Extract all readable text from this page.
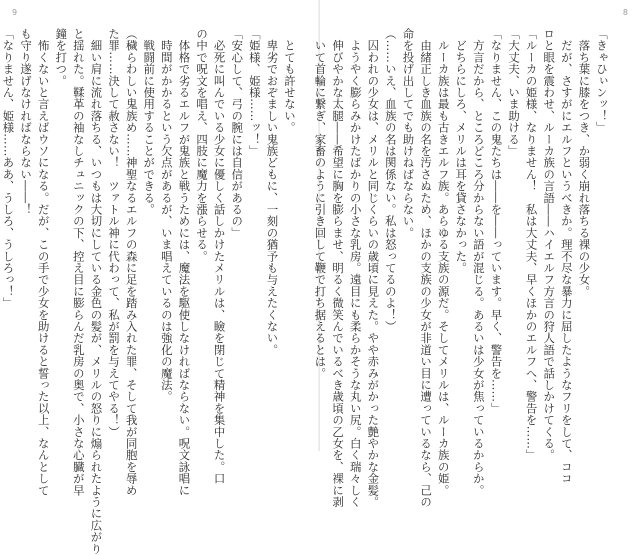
9
　とても許せない。
　卑劣でおぞましい鬼族どもに、一刻の猶予も与えたくない。
「姫様、姫様……ッ！」
「安心して、弓の腕には自信があるの」
　必死に叫んでいる少女に優しく話しかけたメリルは、瞼を閉じて精神を集中した。口
の中で呪文を唱え、四肢に魔力を漲らせる。
　体格で劣るエルフが鬼族と戦うためには、魔法を駆使しなければならない。呪文詠唱に
　時間がかかるという欠点があるが、いま唱えているのは強化の魔法。
　戦闘前に使用することができる。
（穢らわしい鬼族め……神聖なるエルフの森に足を踏み入れた罪、そして我が同胞を辱め
た罪……決して赦さない！　ツァトル神に代わって、私が罰を与えてやる！）
　細い肩に流れ落ちる、いつもは大切にしている金色の髪が、メリルの怒りに煽られたように広がり
と揺れた。鞣革の袖なしチュニックの下、控え目に膨らんだ乳房の奥で、小さな心臓が早
鐘を打つ。
　怖くないと言えばウソになる。だが、この手で少女を助けると誓った以上、なんとして
も守り遂げなければならない――！
「なりません、姫様……ああ、うしろ、うしろっ！」
8
「きゃひぃンッ！」
　落ち葉に膝をつき、か弱く崩れ落ちる裸の少女。
　だが、さすがにエルフというべきか。理不尽な暴力に屈したようなフリをして、ココ
ロと眼を震わせ、ルーカ族の言語――ハイエルフ方言の狩人語で話しかけてくる。
「ルーカの姫様、なりません！　私は大丈夫、早くほかのエルフへ、警告を……」
「大丈夫、いま助ける」
「なりません、この鬼たちは――を――っています。早く、警告を……」
　方言だから、ところどころ分からない語が混じる。あるいは少女が焦っているからか。
　どちらにしろ、メリルは耳を貸さなかった。
　ルーカ族は最も古きエルフ族。あらゆる支族の源だ。そしてメリルは、ルーカ族の姫。
　由緒正しき血族の名を汚さぬため、ほかの支族の少女が非道い目に遭っているなら、己の
命を投げ出してでも助けねばならない。
（……いえ、血族の名は関係ない。私は怒ってるのよ！）
　囚われの少女は、メリルと同じくらいの歳頃に見えた。やや赤みがかった艶やかな金髪。
　ようやく膨らみかけたばかりの小さな乳房。遠目にも柔らかそうな丸い尻。白く瑞々しく
　伸びやかな太腿――希望に胸を膨らませ、明るく微笑んでいるべき歳頃の乙女を、裸に剥
　いて首輪に繋ぎ、家畜のように引き回して鞭で打ち据えるとは。
